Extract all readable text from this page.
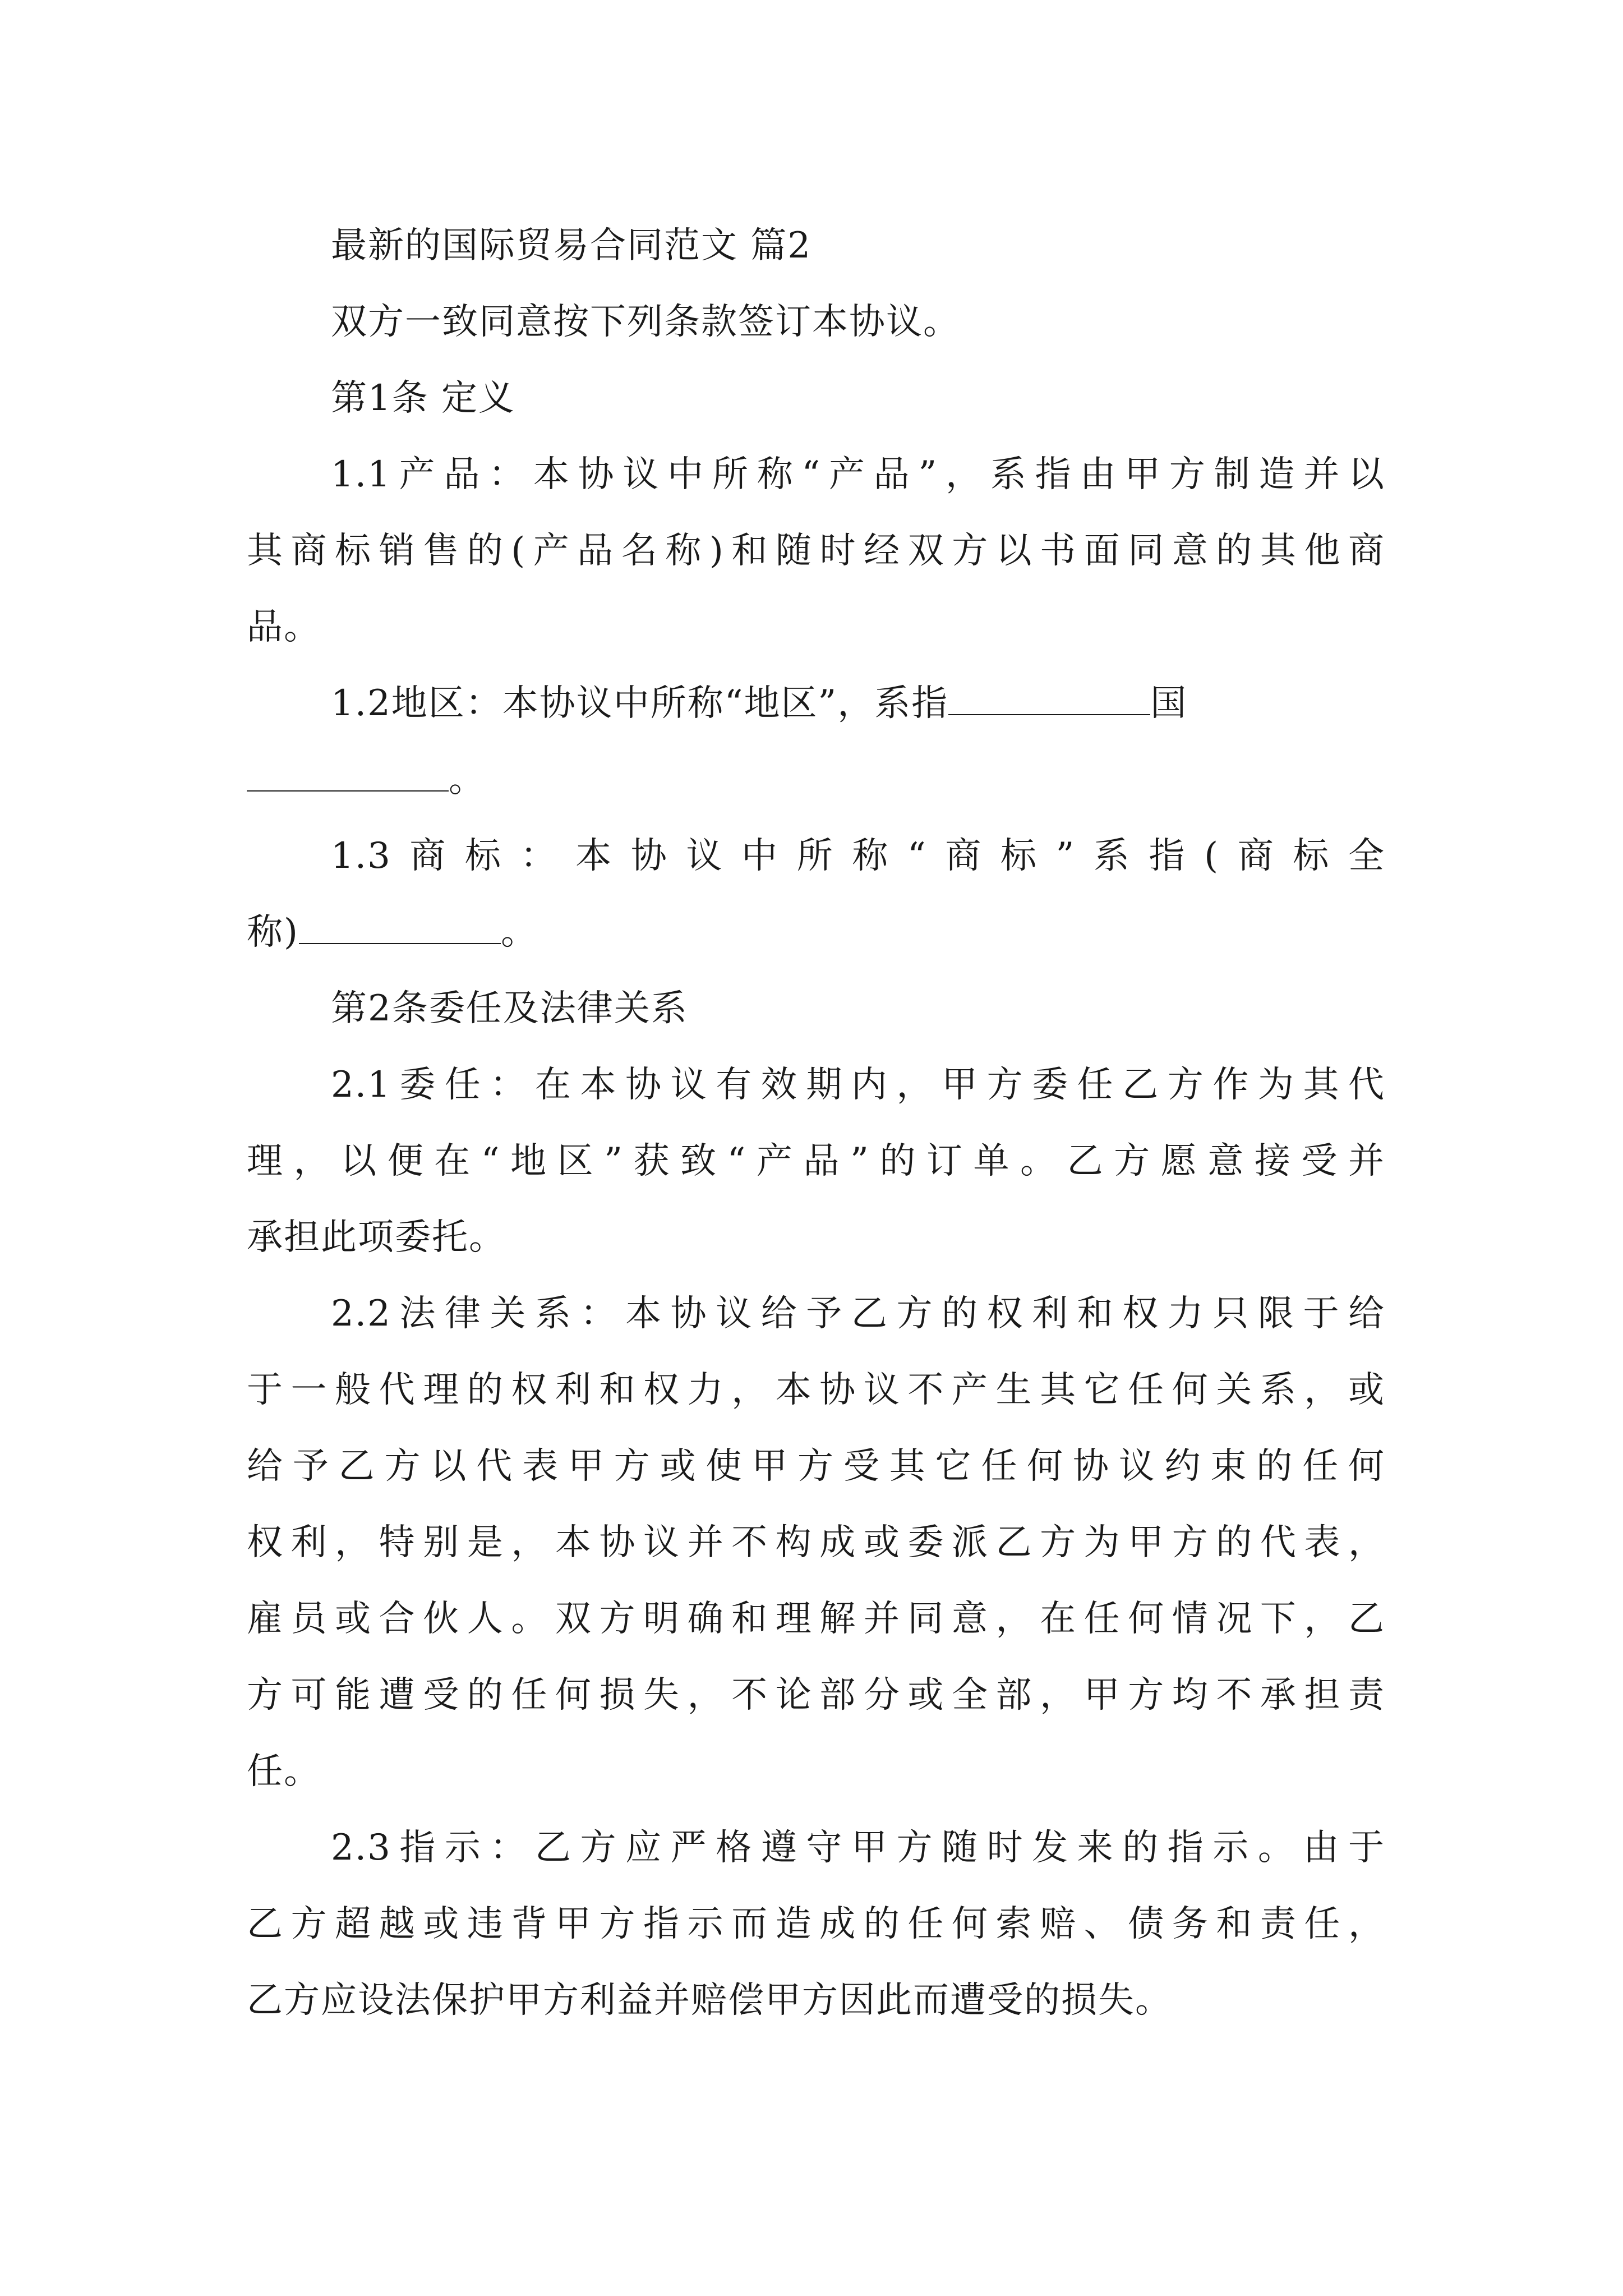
最新的国际贸易合同范文 篇2
双方一致同意按下列条款签订本协议。
第1条 定义
1.1产品：本协议中所称“产品”，系指由甲方制造并以
其商标销售的(产品名称)和随时经双方以书面同意的其他商
品。
1.2地区：本协议中所称“地区”，系指	国
。
1.3商标：本协议中所称“商标”系指(商标全
称)	。
第2条委任及法律关系
2.1委任：在本协议有效期内，甲方委任乙方作为其代
理，以便在“地区”获致“产品”的订单。乙方愿意接受并
承担此项委托。
2.2法律关系：本协议给予乙方的权利和权力只限于给
于一般代理的权利和权力，本协议不产生其它任何关系，或
给予乙方以代表甲方或使甲方受其它任何协议约束的任何
权利，特别是，本协议并不构成或委派乙方为甲方的代表，
雇员或合伙人。双方明确和理解并同意，在任何情况下，乙
方可能遭受的任何损失，不论部分或全部，甲方均不承担责
任。
2.3指示：乙方应严格遵守甲方随时发来的指示。由于
乙方超越或违背甲方指示而造成的任何索赔、债务和责任，
乙方应设法保护甲方利益并赔偿甲方因此而遭受的损失。
